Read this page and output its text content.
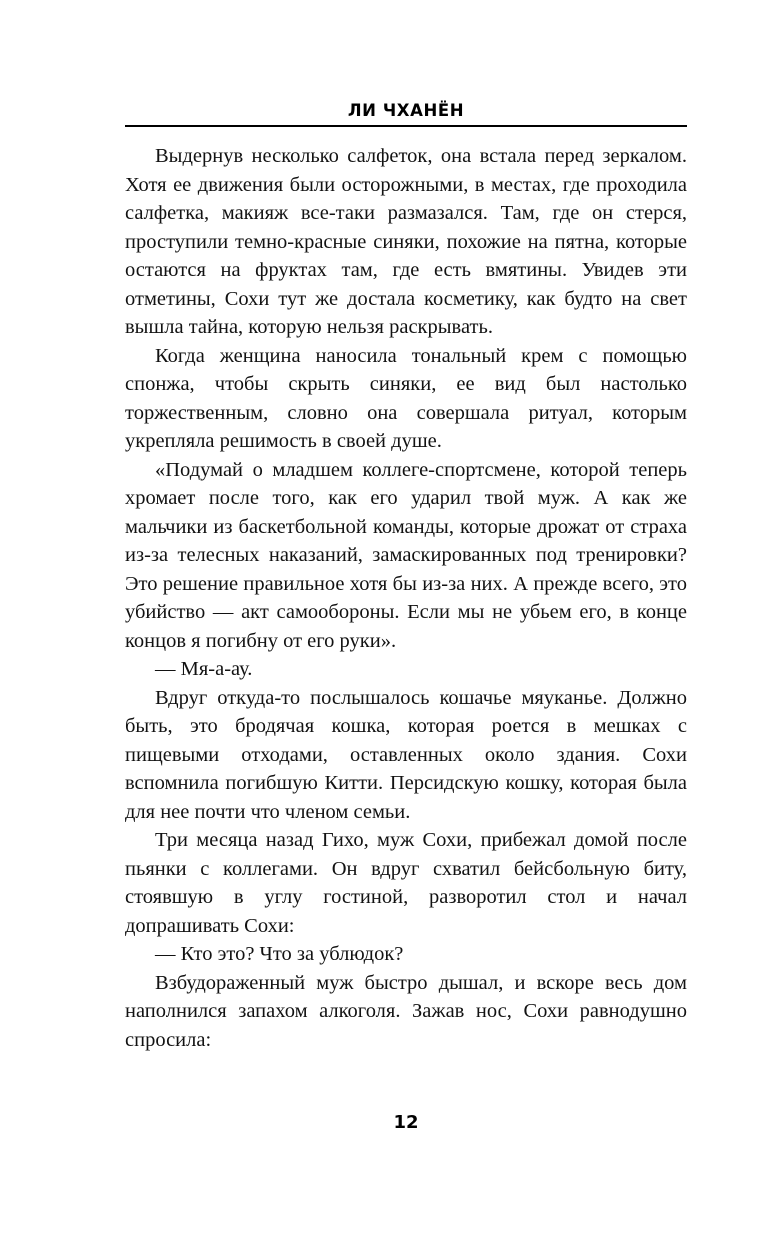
ЛИ ЧХАНЁН

Выдернув несколько салфеток, она встала перед зеркалом. Хотя ее движения были осторожными, в местах, где проходила салфетка, макияж все-таки размазался. Там, где он стерся, проступили темно-красные синяки, похожие на пятна, которые остаются на фруктах там, где есть вмятины. Увидев эти отметины, Сохи тут же достала косметику, как будто на свет вышла тайна, которую нельзя раскрывать.

Когда женщина наносила тональный крем с помощью спонжа, чтобы скрыть синяки, ее вид был настолько торжественным, словно она совершала ритуал, которым укрепляла решимость в своей душе.

«Подумай о младшем коллеге-спортсмене, которой теперь хромает после того, как его ударил твой муж. А как же мальчики из баскетбольной команды, которые дрожат от страха из-за телесных наказаний, замаскированных под тренировки? Это решение правильное хотя бы из-за них. А прежде всего, это убийство — акт самообороны. Если мы не убьем его, в конце концов я погибну от его руки».

— Мя-а-ау.

Вдруг откуда-то послышалось кошачье мяуканье. Должно быть, это бродячая кошка, которая роется в мешках с пищевыми отходами, оставленных около здания. Сохи вспомнила погибшую Китти. Персидскую кошку, которая была для нее почти что членом семьи.

Три месяца назад Гихо, муж Сохи, прибежал домой после пьянки с коллегами. Он вдруг схватил бейсбольную биту, стоявшую в углу гостиной, разворотил стол и начал допрашивать Сохи:

— Кто это? Что за ублюдок?

Взбудораженный муж быстро дышал, и вскоре весь дом наполнился запахом алкоголя. Зажав нос, Сохи равнодушно спросила:

12
